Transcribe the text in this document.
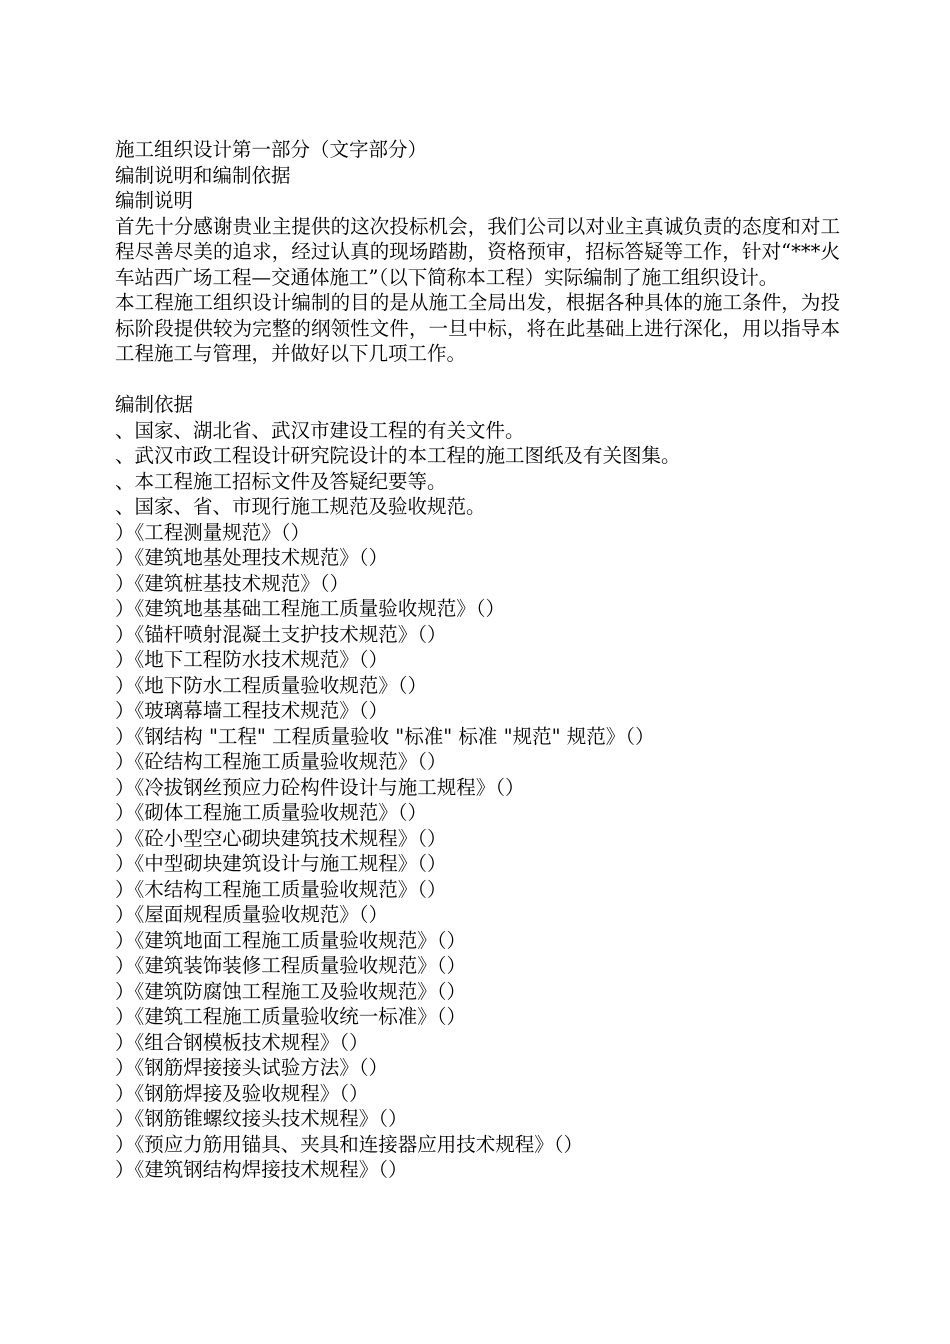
施工组织设计第一部分（文字部分）
编制说明和编制依据
编制说明
首先十分感谢贵业主提供的这次投标机会，我们公司以对业主真诚负责的态度和对工程尽善尽美的追求，经过认真的现场踏勘，资格预审，招标答疑等工作，针对“***火车站西广场工程—交通体施工”（以下简称本工程）实际编制了施工组织设计。
本工程施工组织设计编制的目的是从施工全局出发，根据各种具体的施工条件，为投标阶段提供较为完整的纲领性文件，一旦中标，将在此基础上进行深化，用以指导本工程施工与管理，并做好以下几项工作。
编制依据
、国家、湖北省、武汉市建设工程的有关文件。
、武汉市政工程设计研究院设计的本工程的施工图纸及有关图集。
、本工程施工招标文件及答疑纪要等。
、国家、省、市现行施工规范及验收规范。
）《工程测量规范》（）
）《建筑地基处理技术规范》（）
）《建筑桩基技术规范》（）
）《建筑地基基础工程施工质量验收规范》（）
）《锚杆喷射混凝土支护技术规范》（）
）《地下工程防水技术规范》（）
）《地下防水工程质量验收规范》（）
）《玻璃幕墙工程技术规范》（）
）《钢结构 "工程" 工程质量验收 "标准" 标准 "规范" 规范》（）
）《砼结构工程施工质量验收规范》（）
）《冷拔钢丝预应力砼构件设计与施工规程》（）
）《砌体工程施工质量验收规范》（）
）《砼小型空心砌块建筑技术规程》（）
）《中型砌块建筑设计与施工规程》（）
）《木结构工程施工质量验收规范》（）
）《屋面规程质量验收规范》（）
）《建筑地面工程施工质量验收规范》（）
）《建筑装饰装修工程质量验收规范》（）
）《建筑防腐蚀工程施工及验收规范》（）
）《建筑工程施工质量验收统一标准》（）
）《组合钢模板技术规程》（）
）《钢筋焊接接头试验方法》（）
）《钢筋焊接及验收规程》（）
）《钢筋锥螺纹接头技术规程》（）
）《预应力筋用锚具、夹具和连接器应用技术规程》（）
）《建筑钢结构焊接技术规程》（）
